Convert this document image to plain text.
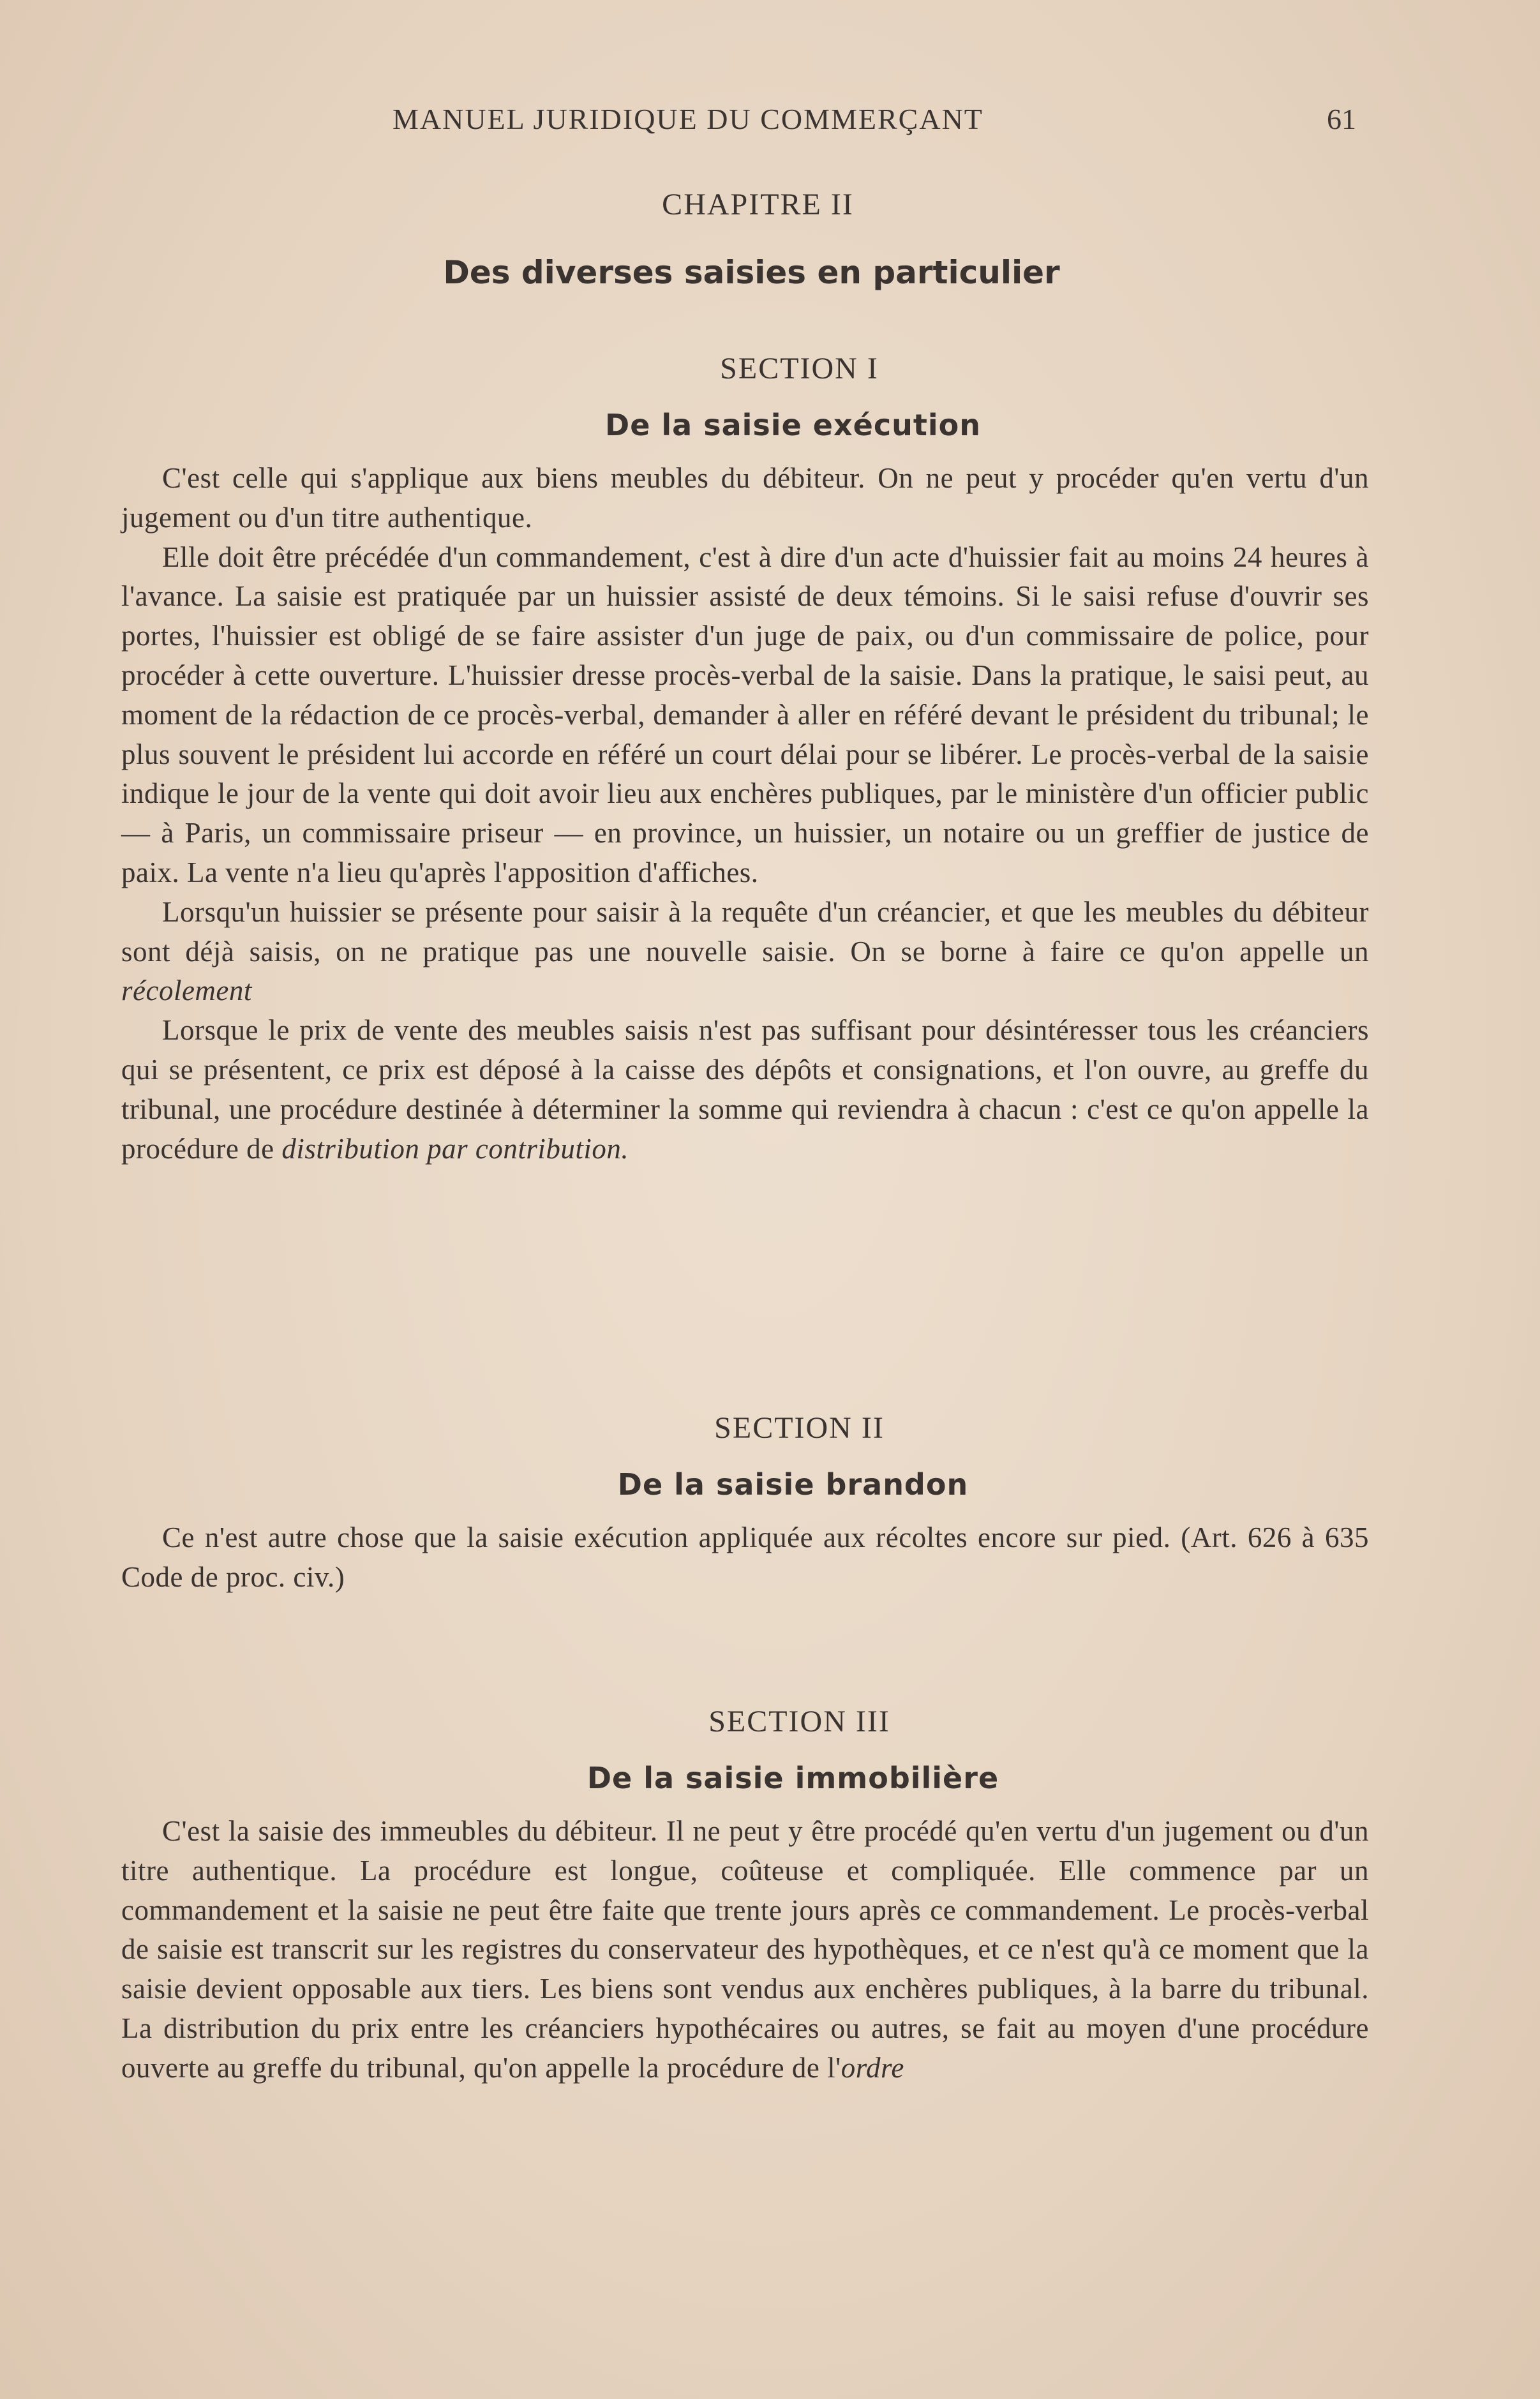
MANUEL JURIDIQUE DU COMMERÇANT	61
CHAPITRE II
Des diverses saisies en particulier
SECTION I
De la saisie exécution

C'est celle qui s'applique aux biens meubles du débiteur. On ne peut y procéder qu'en vertu d'un jugement ou d'un titre authentique.

Elle doit être précédée d'un commandement, c'est à dire d'un acte d'huissier fait au moins 24 heures à l'avance. La saisie est pratiquée par un huissier assisté de deux témoins. Si le saisi refuse d'ouvrir ses portes, l'huissier est obligé de se faire assister d'un juge de paix, ou d'un commissaire de police, pour procéder à cette ouverture. L'huissier dresse procès-verbal de la saisie. Dans la pratique, le saisi peut, au moment de la rédaction de ce procès-verbal, demander à aller en référé devant le président du tribunal; le plus souvent le président lui accorde en référé un court délai pour se libérer. Le procès-verbal de la saisie indique le jour de la vente qui doit avoir lieu aux enchères publiques, par le ministère d'un officier public — à Paris, un commissaire priseur — en province, un huissier, un notaire ou un greffier de justice de paix. La vente n'a lieu qu'après l'apposition d'affiches.

Lorsqu'un huissier se présente pour saisir à la requête d'un créancier, et que les meubles du débiteur sont déjà saisis, on ne pratique pas une nouvelle saisie. On se borne à faire ce qu'on appelle un récolement

Lorsque le prix de vente des meubles saisis n'est pas suffisant pour désintéresser tous les créanciers qui se présentent, ce prix est déposé à la caisse des dépôts et consignations, et l'on ouvre, au greffe du tribunal, une procédure destinée à déterminer la somme qui reviendra à chacun : c'est ce qu'on appelle la procédure de distribution par contribution.

SECTION II
De la saisie brandon

Ce n'est autre chose que la saisie exécution appliquée aux récoltes encore sur pied. (Art. 626 à 635 Code de proc. civ.)

SECTION III
De la saisie immobilière

C'est la saisie des immeubles du débiteur. Il ne peut y être procédé qu'en vertu d'un jugement ou d'un titre authentique. La procédure est longue, coûteuse et compliquée. Elle commence par un commandement et la saisie ne peut être faite que trente jours après ce commandement. Le procès-verbal de saisie est transcrit sur les registres du conservateur des hypothèques, et ce n'est qu'à ce moment que la saisie devient opposable aux tiers. Les biens sont vendus aux enchères publiques, à la barre du tribunal. La distribution du prix entre les créanciers hypothécaires ou autres, se fait au moyen d'une procédure ouverte au greffe du tribunal, qu'on appelle la procédure de l'ordre
